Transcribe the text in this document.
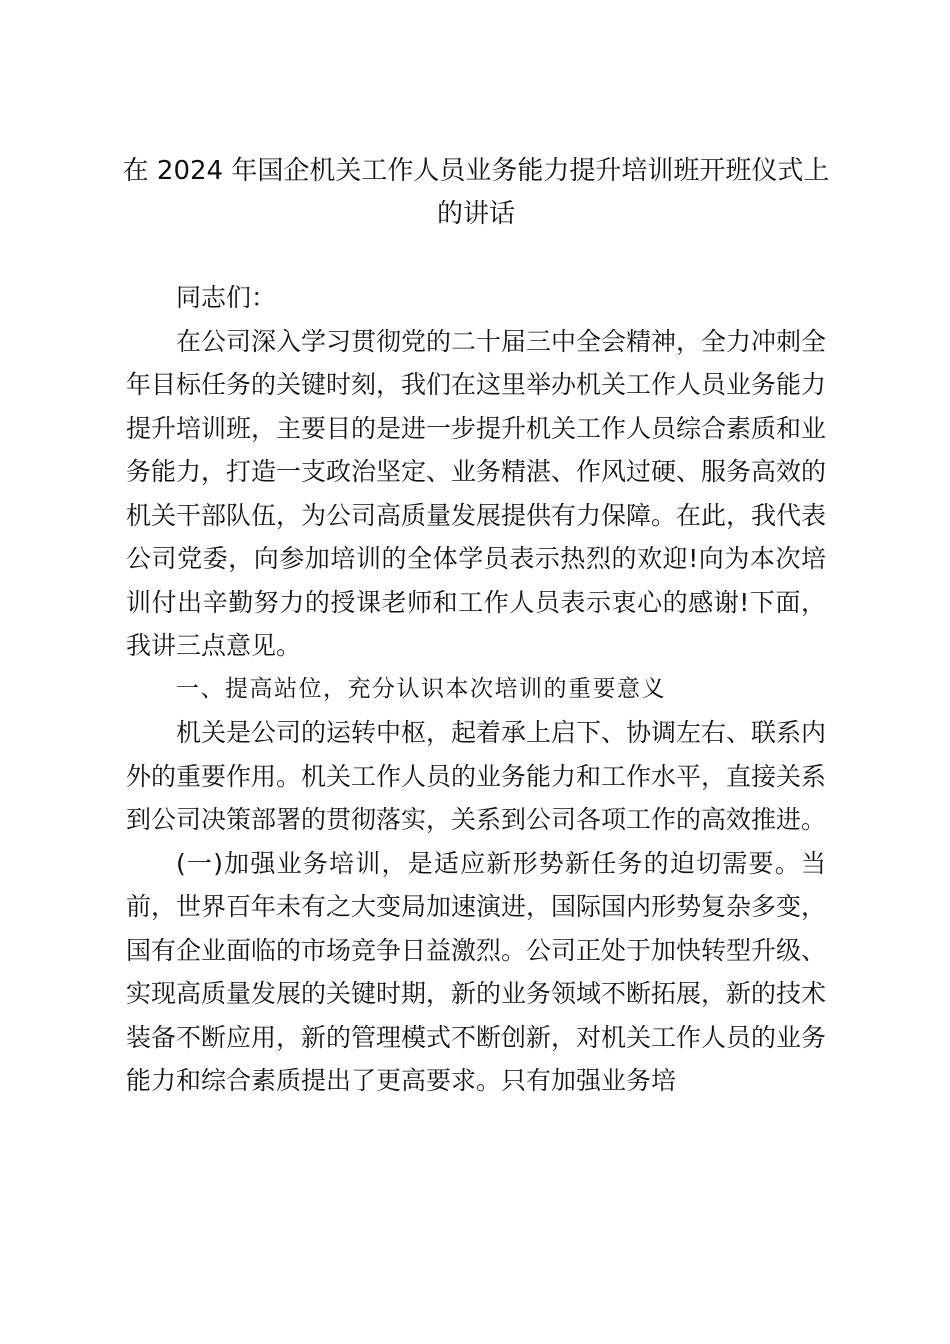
在 2024 年国企机关工作人员业务能力提升培训班开班仪式上的讲话

同志们：

在公司深入学习贯彻党的二十届三中全会精神，全力冲刺全年目标任务的关键时刻，我们在这里举办机关工作人员业务能力提升培训班，主要目的是进一步提升机关工作人员综合素质和业务能力，打造一支政治坚定、业务精湛、作风过硬、服务高效的机关干部队伍，为公司高质量发展提供有力保障。在此，我代表公司党委，向参加培训的全体学员表示热烈的欢迎!向为本次培训付出辛勤努力的授课老师和工作人员表示衷心的感谢!下面，我讲三点意见。

一、提高站位，充分认识本次培训的重要意义

机关是公司的运转中枢，起着承上启下、协调左右、联系内外的重要作用。机关工作人员的业务能力和工作水平，直接关系到公司决策部署的贯彻落实，关系到公司各项工作的高效推进。

(一)加强业务培训，是适应新形势新任务的迫切需要。当前，世界百年未有之大变局加速演进，国际国内形势复杂多变，国有企业面临的市场竞争日益激烈。公司正处于加快转型升级、实现高质量发展的关键时期，新的业务领域不断拓展，新的技术装备不断应用，新的管理模式不断创新，对机关工作人员的业务能力和综合素质提出了更高要求。只有加强业务培
